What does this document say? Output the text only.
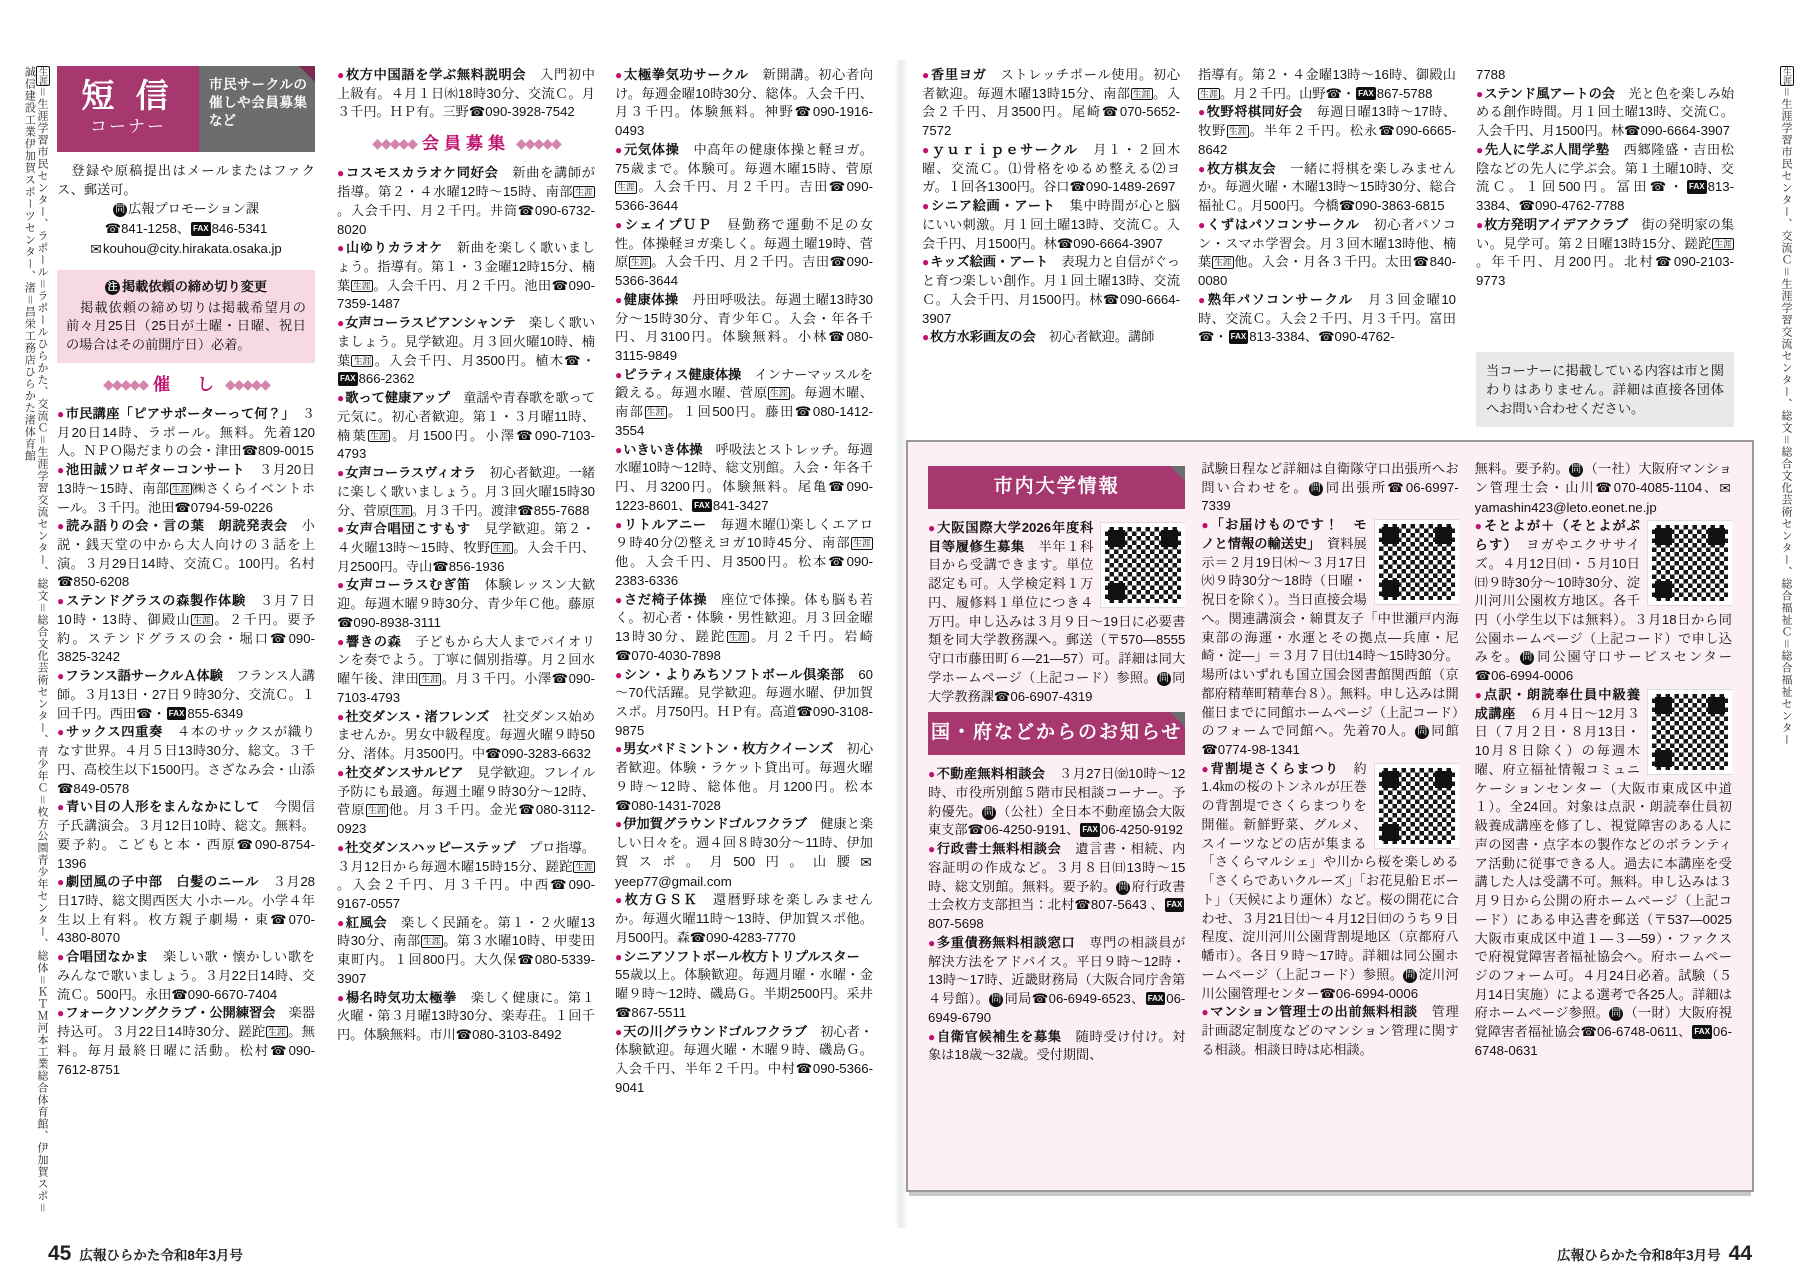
生涯＝生涯学習市民センター、ラポール＝ラポールひらかた、交流Ｃ＝生涯学習交流センター、総文＝総合文化芸術センター、青少年Ｃ＝枚方公園青少年センター、総体＝ＫＴＭ河本工業総合体育館、伊加賀スポ＝誠信建設工業伊加賀スポーツセンター、渚＝昌栄工務店ひらかた渚体育館	生涯＝生涯学習市民センター、交流Ｃ＝生涯学習交流センター、総文＝総合文化芸術センター、総合福祉Ｃ＝総合福祉センター
短 信
コーナー
市民サークルの催しや会員募集など

　登録や原稿提出はメールまたはファクス、郵送可。

問 広報プロモーション課
☎841-1258、 FAX 846-5341
✉kouhou@city.hirakata.osaka.jp

注 掲載依頼の締め切り変更

　掲載依頼の締め切りは掲載希望月の前々月25日（25日が土曜・日曜、祝日の場合はその前開庁日）必着。

◆◆◆◆◆ 催　し ◆◆◆◆◆

●市民講座「ピアサポーターって何？」　３月20日14時、ラポール。無料。先着120人。ＮＰＯ陽だまりの会・津田☎809-0015

●池田誠ソロギターコンサート　３月20日13時～15時、南部 生涯 ㈱さくらイベントホール。３千円。池田☎0794-59-0226

●読み語りの会・言の葉　朗読発表会　小説・銭天堂の中から大人向けの３話を上演。３月29日14時、交流Ｃ。100円。名村☎850-6208

●ステンドグラスの森製作体験　３月７日10時・13時、御殿山 生涯 。２千円。要予約。ステンドグラスの会・堀口☎090-3825-3242

●フランス語サークルＡ体験　フランス人講師。３月13日・27日９時30分、交流Ｃ。１回千円。西田☎・ FAX 855-6349

●サックス四重奏　４本のサックスが織りなす世界。４月５日13時30分、総文。３千円、高校生以下1500円。さざなみ会・山添☎849-0578

●青い目の人形をまんなかにして　今関信子氏講演会。３月12日10時、総文。無料。要予約。こどもと本・西原☎090-8754-1396

●劇団風の子中部　白髪のニール　３月28日17時、総文関西医大 小ホール。小学４年生以上有料。枚方親子劇場・東☎070-4380-8070

●合唱団なかま　楽しい歌・懐かしい歌をみんなで歌いましょう。３月22日14時、交流Ｃ。500円。永田☎090-6670-7404

●フォークソングクラブ・公開練習会　楽器持込可。３月22日14時30分、蹉跎 生涯 。無料。毎月最終日曜に活動。松村☎090-7612-8751

●枚方中国語を学ぶ無料説明会　入門初中上級有。４月１日㈬18時30分、交流Ｃ。月３千円。ＨＰ有。三野☎090-3928-7542

◆◆◆◆◆ 会員募集 ◆◆◆◆◆

●コスモスカラオケ同好会　新曲を講師が指導。第２・４水曜12時～15時、南部 生涯。入会千円、月２千円。井筒☎090-6732-8020

●山ゆりカラオケ　新曲を楽しく歌いましょう。指導有。第１・３金曜12時15分、楠葉 生涯 。入会千円、月２千円。池田☎090-7359-1487

●女声コーラスビアンシャンテ　楽しく歌いましょう。見学歓迎。月３回火曜10時、楠葉 生涯 。入会千円、月3500円。植木☎・FAX 866-2362

●歌って健康アップ　童謡や青春歌を歌って元気に。初心者歓迎。第１・３月曜11時、楠葉 生涯 。月1500円。小澤☎090-7103-4793

●女声コーラスヴィオラ　初心者歓迎。一緒に楽しく歌いましょう。月３回火曜15時30分、菅原 生涯 。月３千円。渡津☎855-7688

●女声合唱団こすもす　見学歓迎。第２・４火曜13時～15時、牧野 生涯 。入会千円、月2500円。寺山☎856-1936

●女声コーラスむぎ笛　体験レッスン大歓迎。毎週木曜９時30分、青少年Ｃ他。藤原☎090-8938-3111

●響きの森　子どもから大人までバイオリンを奏でよう。丁寧に個別指導。月２回水曜午後、津田 生涯 。月３千円。小澤☎090-7103-4793

●社交ダンス・渚フレンズ　社交ダンス始めませんか。男女中級程度。毎週火曜９時50分、渚体。月3500円。中☎090-3283-6632

●社交ダンスサルビア　見学歓迎。フレイル予防にも最適。毎週土曜９時30分～12時、菅原 生涯 他。月３千円。金光☎080-3112-0923

●社交ダンスハッピーステップ　プロ指導。３月12日から毎週木曜15時15分、蹉跎 生涯。入会２千円、月３千円。中西☎090-9167-0557

●紅風会　楽しく民踊を。第１・２火曜13時30分、南部 生涯 。第３水曜10時、甲斐田東町内。１回800円。大久保☎080-5339-3907

●楊名時気功太極拳　楽しく健康に。第１火曜・第３月曜13時30分、楽寿荘。１回千円。体験無料。市川☎080-3103-8492

●太極拳気功サークル　新開講。初心者向け。毎週金曜10時30分、総体。入会千円、月３千円。体験無料。神野☎090-1916-0493

●元気体操　中高年の健康体操と軽ヨガ。75歳まで。体験可。毎週木曜15時、菅原生涯 。入会千円、月２千円。吉田☎090-5366-3644

●シェイプＵＰ　昼勤務で運動不足の女性。体操軽ヨガ楽しく。毎週土曜19時、菅原 生涯 。入会千円、月２千円。吉田☎090-5366-3644

●健康体操　丹田呼吸法。毎週土曜13時30分～15時30分、青少年Ｃ。入会・年各千円、月3100円。体験無料。小林☎080-3115-9849

●ピラティス健康体操　インナーマッスルを鍛える。毎週水曜、菅原 生涯 。毎週木曜、南部 生涯 。１回500円。藤田☎080-1412-3554

●いきいき体操　呼吸法とストレッチ。毎週水曜10時～12時、総文別館。入会・年各千円、月3200円。体験無料。尾亀☎090-1223-8601、 FAX 841-3427

●リトルアニー　毎週木曜⑴楽しくエアロ９時40分⑵整えヨガ10時45分、南部 生涯他。入会千円、月3500円。松本☎090-2383-6336

●さだ椅子体操　座位で体操。体も脳も若く。初心者・体験・男性歓迎。月３回金曜13時30分、蹉跎 生涯 。月２千円。岩崎☎070-4030-7898

●シン・よりみちソフトボール倶楽部　60～70代活躍。見学歓迎。毎週水曜、伊加賀スポ。月750円。ＨＰ有。高道☎090-3108-9875

●男女バドミントン・枚方クイーンズ　初心者歓迎。体験・ラケット貸出可。毎週火曜９時～12時、総体他。月1200円。松本☎080-1431-7028

●伊加賀グラウンドゴルフクラブ　健康と楽しい日々を。週４回８時30分～11時、伊加賀スポ。月500円。山腰✉yeep77@gmail.com

●枚方ＧＳＫ　還暦野球を楽しみませんか。毎週火曜11時～13時、伊加賀スポ他。月500円。森☎090-4283-7770

●シニアソフトボール枚方トリプルスター　55歳以上。体験歓迎。毎週月曜・水曜・金曜９時～12時、磯島Ｇ。半期2500円。采井☎867-5511

●天の川グラウンドゴルフクラブ　初心者・体験歓迎。毎週火曜・木曜９時、磯島Ｇ。入会千円、半年２千円。中村☎090-5366-9041

●香里ヨガ　ストレッチポール使用。初心者歓迎。毎週木曜13時15分、南部 生涯 。入会２千円、月3500円。尾崎☎070-5652-7572

●ｙｕｒｉｐｅサークル　月１・２回木曜、交流Ｃ。⑴骨格をゆるめ整える⑵ヨガ。１回各1300円。谷口☎090-1489-2697

●シニア絵画・アート　集中時間が心と脳にいい刺激。月１回土曜13時、交流Ｃ。入会千円、月1500円。林☎090-6664-3907

●キッズ絵画・アート　表現力と自信がぐっと育つ楽しい創作。月１回土曜13時、交流Ｃ。入会千円、月1500円。林☎090-6664-3907

●枚方水彩画友の会　初心者歓迎。講師

指導有。第２・４金曜13時～16時、御殿山生涯 。月２千円。山野☎・ FAX 867-5788

●牧野将棋同好会　毎週日曜13時～17時、牧野 生涯 。半年２千円。松永☎090-6665-8642

●枚方棋友会　一緒に将棋を楽しみませんか。毎週火曜・木曜13時～15時30分、総合福祉Ｃ。月500円。今橋☎090-3863-6815

●くずはパソコンサークル　初心者パソコン・スマホ学習会。月３回木曜13時他、楠葉 生涯 他。入会・月各３千円。太田☎840-0080

●熟年パソコンサークル　月３回金曜10時、交流Ｃ。入会２千円、月３千円。富田☎・ FAX 813-3384、☎090-4762-

7788

●ステンド風アートの会　光と色を楽しみ始める創作時間。月１回土曜13時、交流Ｃ。入会千円、月1500円。林☎090-6664-3907

●先人に学ぶ人間学塾　西郷隆盛・吉田松陰などの先人に学ぶ会。第１土曜10時、交流Ｃ。１回500円。冨田☎・ FAX 813-3384、☎090-4762-7788

●枚方発明アイデアクラブ　街の発明家の集い。見学可。第２日曜13時15分、蹉跎 生涯。年千円、月200円。北村☎090-2103-9773

当コーナーに掲載している内容は市と関わりはありません。詳細は直接各団体へお問い合わせください。
市内大学情報

●大阪国際大学2026年度科目等履修生募集　半年１科目から受講できます。単位認定も可。入学検定料１万円、履修料１単位につき４万円。申し込みは３月９日～19日に必要書類を同大学教務課へ。郵送（〒570―8555守口市藤田町６―21―57）可。詳細は同大学ホームページ（上記コード）参照。 問 同大学教務課☎06-6907-4319

国・府などからのお知らせ

●不動産無料相談会　３月27日㈮10時～12時、市役所別館５階市民相談コーナー。予約優先。 問 （公社）全日本不動産協会大阪東支部☎06-4250-9191、 FAX 06-4250-9192

●行政書士無料相談会　遺言書・相続、内容証明の作成など。３月８日㈰13時～15時、総文別館。無料。要予約。 問 府行政書士会枚方支部担当：北村☎807-5643 、 FAX807-5698

●多重債務無料相談窓口　専門の相談員が解決方法をアドバイス。平日９時～12時・13時～17時、近畿財務局（大阪合同庁舎第４号館）。 問 同局☎06-6949-6523、 FAX 06-6949-6790

●自衛官候補生を募集　随時受け付け。対象は18歳～32歳。受付期間、

試験日程など詳細は自衛隊守口出張所へお問い合わせを。 問 同出張所☎06-6997-7339

●「お届けものです！　モノと情報の輸送史」　資料展示＝２月19日㈭～３月17日㈫９時30分～18時（日曜・祝日を除く）。当日直接会場へ。関連講演会・綿貫友子「中世瀬戸内海東部の海運・水運とその拠点―兵庫・尼崎・淀―」＝３月７日㈯14時～15時30分。場所はいずれも国立国会図書館関西館（京都府精華町精華台８）。無料。申し込みは開催日までに同館ホームページ（上記コード）のフォームで同館へ。先着70人。 問 同館☎0774-98-1341

●背割堤さくらまつり　約1.4㎞の桜のトンネルが圧巻の背割堤でさくらまつりを開催。新鮮野菜、グルメ、スイーツなどの店が集まる「さくらマルシェ」や川から桜を楽しめる「さくらであいクルーズ」「お花見船Ｅボート」（天候により運休）など。桜の開花に合わせ、３月21日㈯～４月12日㈰のうち９日程度、淀川河川公園背割堤地区（京都府八幡市）。各日９時～17時。詳細は同公園ホームページ（上記コード）参照。 問 淀川河川公園管理センター☎06-6994-0006

●マンション管理士の出前無料相談　管理計画認定制度などのマンション管理に関する相談。相談日時は応相談。

無料。要予約。 問 （一社）大阪府マンション管理士会・山川☎070-4085-1104、✉yamashin423@leto.eonet.ne.jp

●そとよが＋（そとよがぷらす）　ヨガやエクササイズ。４月12日㈰・５月10日㈰９時30分～10時30分、淀川河川公園枚方地区。各千円（小学生以下は無料）。３月18日から同公園ホームページ（上記コード）で申し込みを。 問 同公園守口サービスセンター☎06-6994-0006

●点訳・朗読奉仕員中級養成講座　６月４日～12月３日（７月２日・８月13日・10月８日除く）の毎週木曜、府立福祉情報コミュニケーションセンター（大阪市東成区中道１）。全24回。対象は点訳・朗読奉仕員初級養成講座を修了し、視覚障害のある人に声の図書・点字本の製作などのボランティア活動に従事できる人。過去に本講座を受講した人は受講不可。無料。申し込みは３月９日から公開の府ホームページ（上記コード）にある申込書を郵送（〒537―0025大阪市東成区中道１―３―59）・ファクスで府視覚障害者福祉協会へ。府ホームページのフォーム可。４月24日必着。試験（５月14日実施）による選考で各25人。詳細は府ホームページ参照。 問 （一財）大阪府視覚障害者福祉協会☎06-6748-0611、 FAX 06-6748-0631

45 広報ひらかた令和8年3月号	広報ひらかた令和8年3月号 44
